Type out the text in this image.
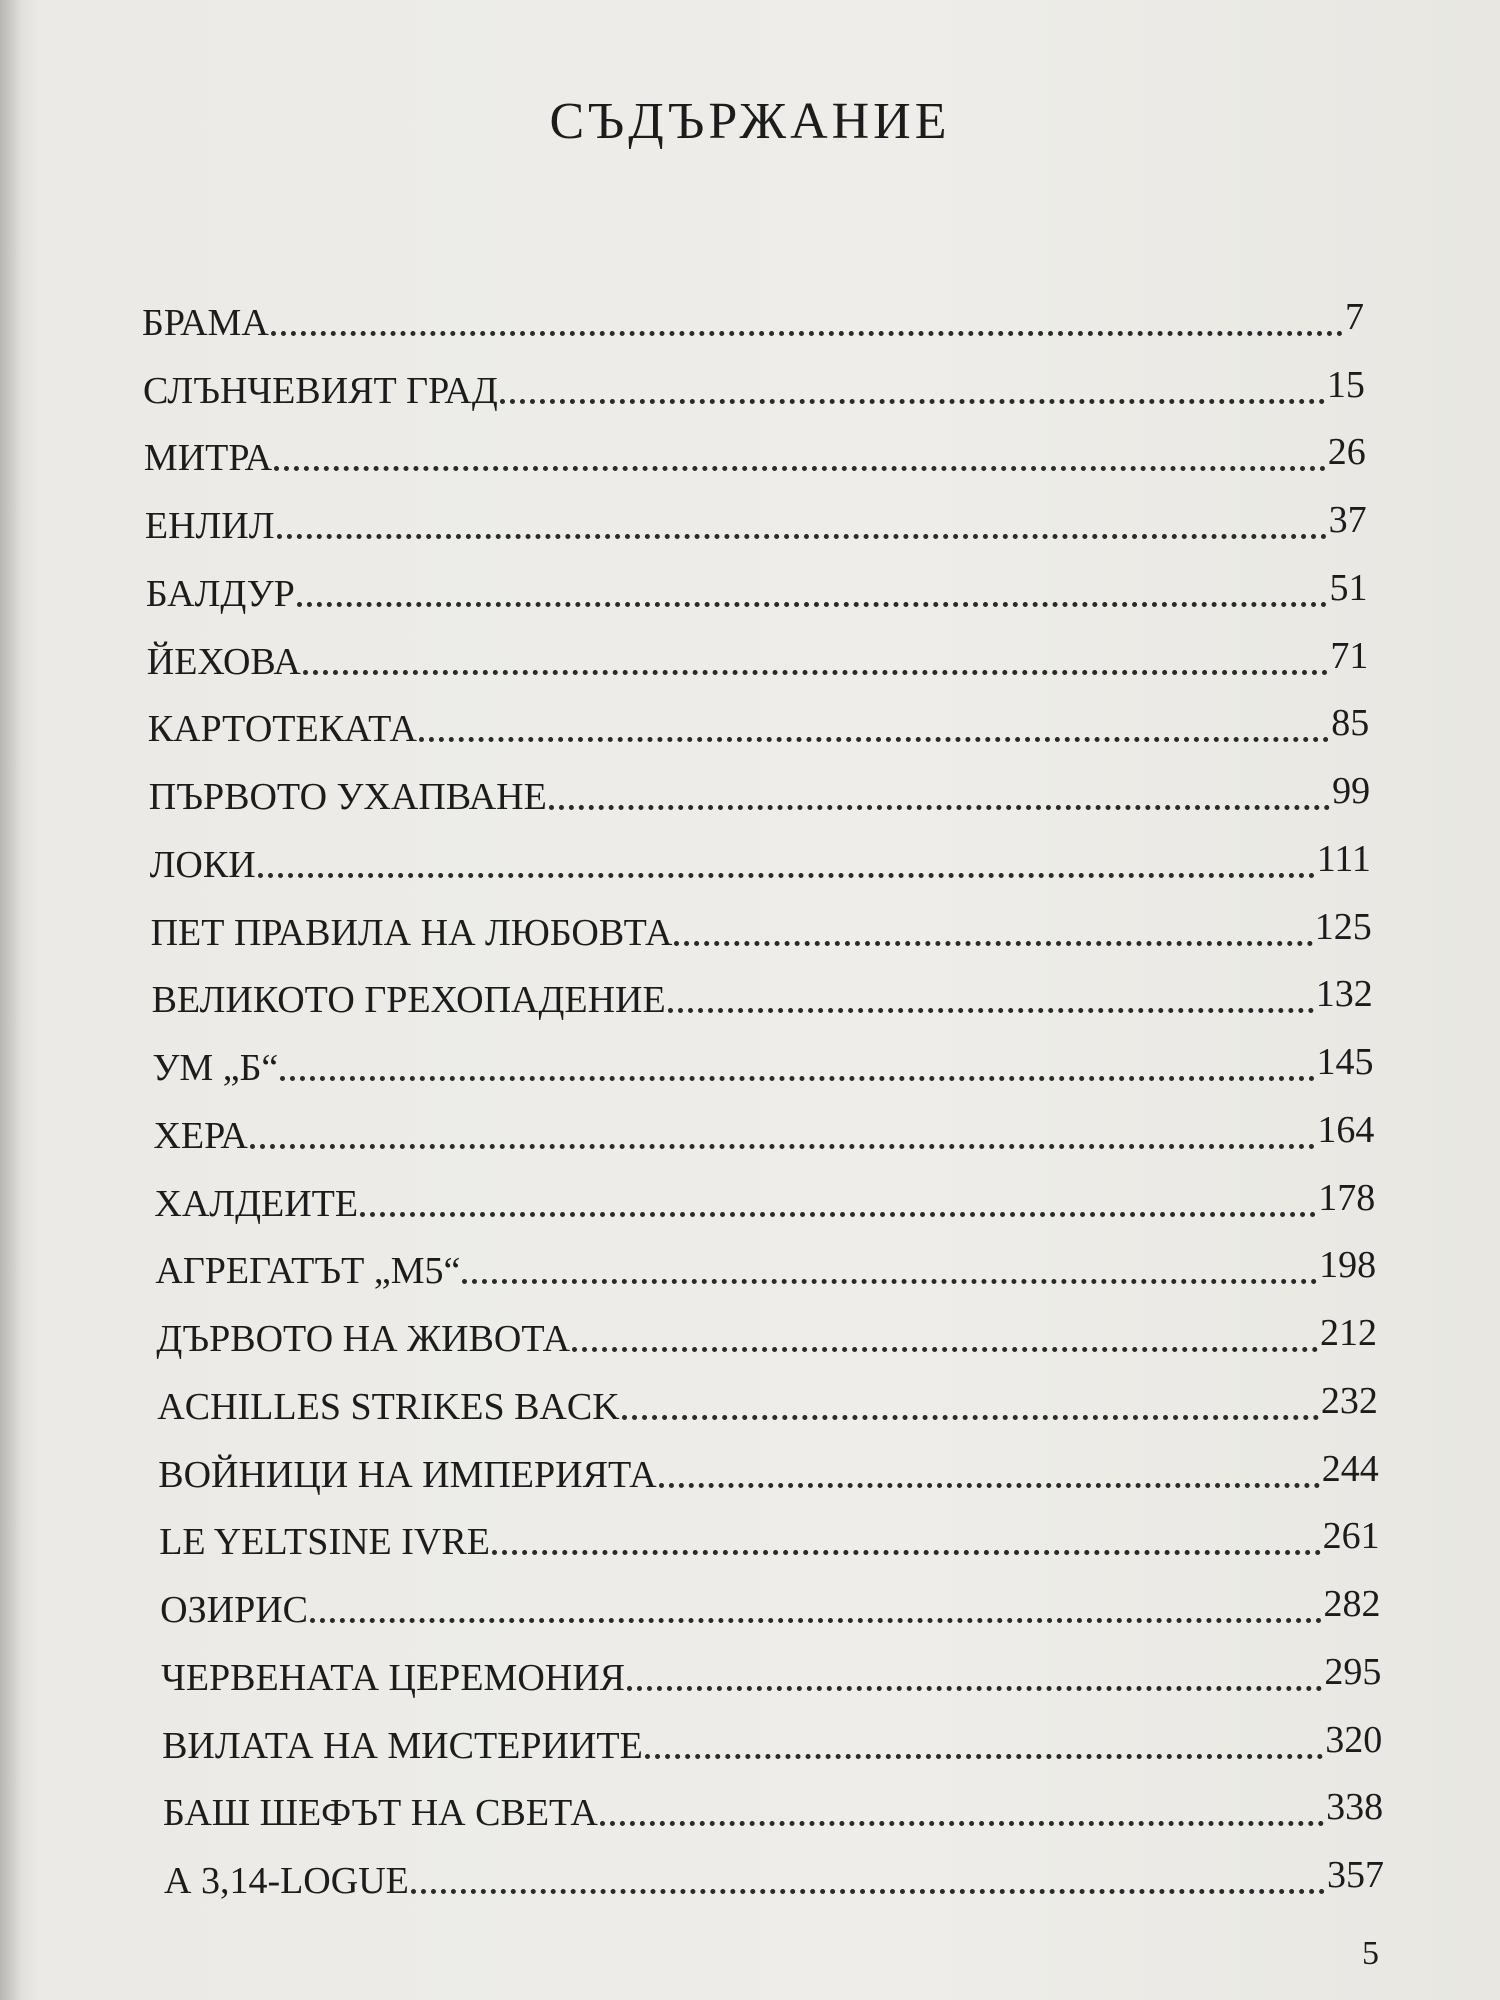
СЪДЪРЖАНИЕ
БРАМА	7
СЛЪНЧЕВИЯТ ГРАД	15
МИТРА	26
ЕНЛИЛ	37
БАЛДУР	51
ЙЕХОВА	71
КАРТОТЕКАТА	85
ПЪРВОТО УХАПВАНЕ	99
ЛОКИ	111
ПЕТ ПРАВИЛА НА ЛЮБОВТА	125
ВЕЛИКОТО ГРЕХОПАДЕНИЕ	132
УМ „Б“	145
ХЕРА	164
ХАЛДЕИТЕ	178
АГРЕГАТЪТ „М5“	198
ДЪРВОТО НА ЖИВОТА	212
ACHILLES STRIKES BACK	232
ВОЙНИЦИ НА ИМПЕРИЯТА	244
LE YELTSINE IVRE	261
ОЗИРИС	282
ЧЕРВЕНАТА ЦЕРЕМОНИЯ	295
ВИЛАТА НА МИСТЕРИИТЕ	320
БАШ ШЕФЪТ НА СВЕТА	338
А 3,14-LOGUE	357
5
